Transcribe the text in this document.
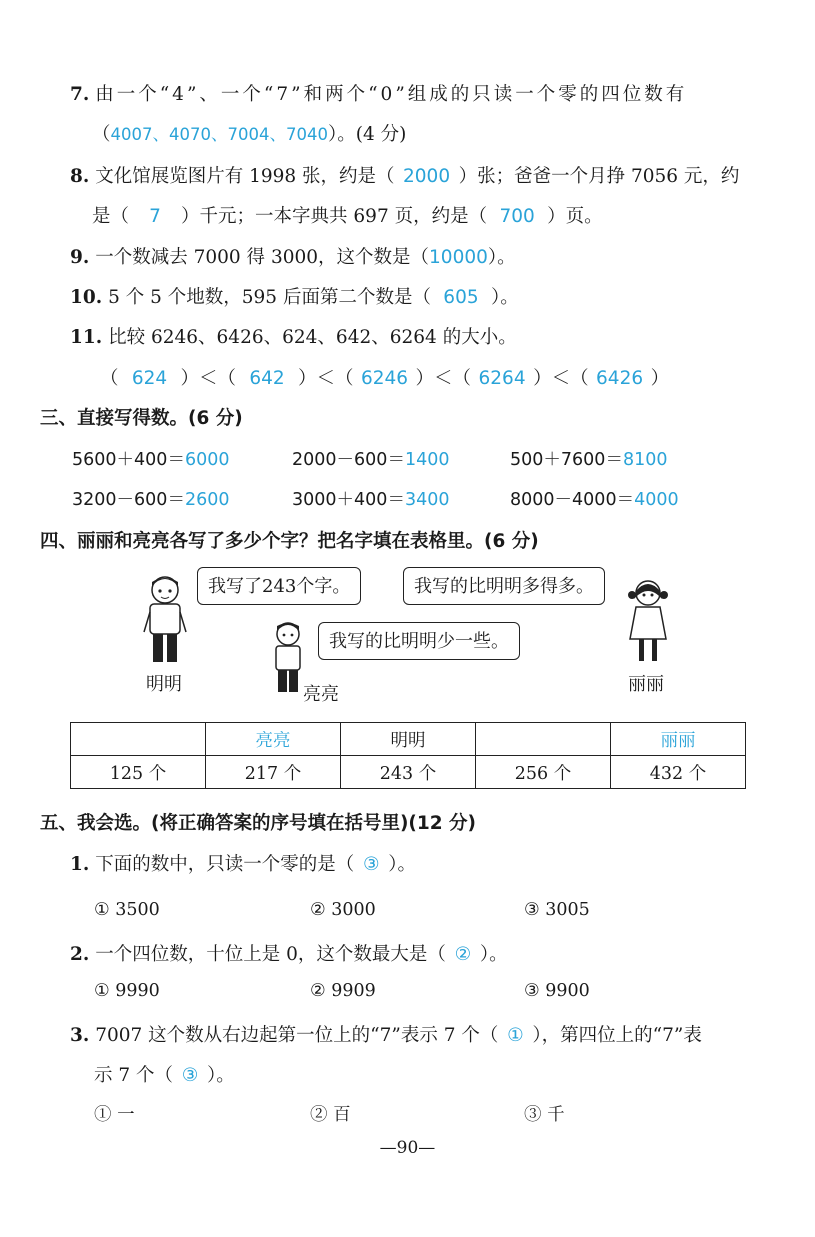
7. 由一个“4”、一个“7”和两个“0”组成的只读一个零的四位数有
（4007、4070、7004、7040）。(4 分)
8. 文化馆展览图片有 1998 张，约是（ 2000 ）张；爸爸一个月挣 7056 元，约
是（ 7 ）千元；一本字典共 697 页，约是（ 700 ）页。
9. 一个数减去 7000 得 3000，这个数是（10000）。
10. 5 个 5 个地数，595 后面第二个数是（ 605 ）。
11. 比较 6246、6426、624、642、6264 的大小。
（ 624 ）＜（ 642 ）＜（ 6246 ）＜（ 6264 ）＜（ 6426 ）
三、直接写得数。(6 分)
5600＋400＝6000	2000－600＝1400	500＋7600＝8100
3200－600＝2600	3000＋400＝3400	8000－4000＝4000
四、丽丽和亮亮各写了多少个字？把名字填在表格里。(6 分)
我写了243个字。
明明
我写的比明明少一些。
亮亮
我写的比明明多得多。
丽丽
	亮亮	明明		丽丽
125 个	217 个	243 个	256 个	432 个
五、我会选。(将正确答案的序号填在括号里)(12 分)
1. 下面的数中，只读一个零的是（ ③ ）。
① 3500	② 3000	③ 3005
2. 一个四位数，十位上是 0，这个数最大是（ ② ）。
① 9990	② 9909	③ 9900
3. 7007 这个数从右边起第一位上的“7”表示 7 个（ ① ），第四位上的“7”表
示 7 个（ ③ ）。
① 一	② 百	③ 千
—90—
